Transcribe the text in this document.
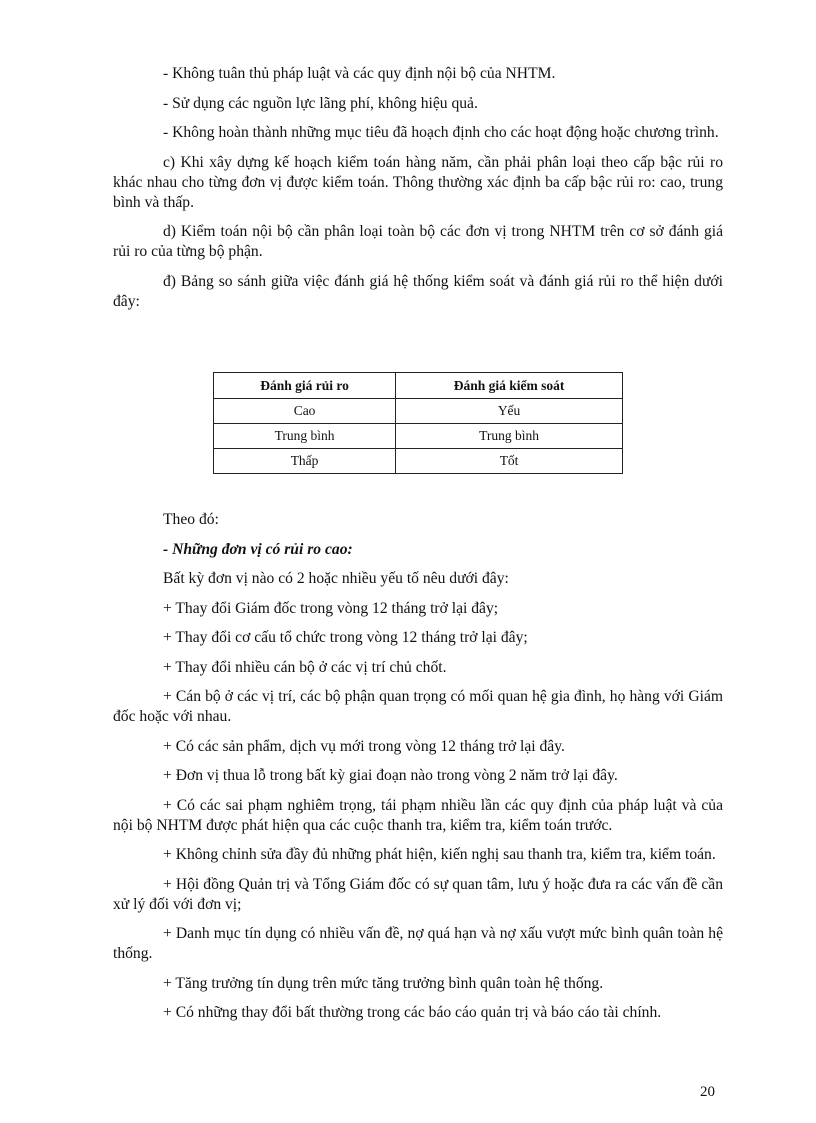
- Không tuân thủ pháp luật và các quy định nội bộ của NHTM.

- Sử dụng các nguồn lực lãng phí, không hiệu quả.

- Không hoàn thành những mục tiêu đã hoạch định cho các hoạt động hoặc chương trình.

c) Khi xây dựng kế hoạch kiểm toán hàng năm, cần phải phân loại theo cấp bậc rủi ro khác nhau cho từng đơn vị được kiểm toán. Thông thường xác định ba cấp bậc rủi ro: cao, trung bình và thấp.

d) Kiểm toán nội bộ cần phân loại toàn bộ các đơn vị trong NHTM trên cơ sở đánh giá rủi ro của từng bộ phận.

đ) Bảng so sánh giữa việc đánh giá hệ thống kiểm soát và đánh giá rủi ro thể hiện dưới đây:

Đánh giá rủi ro	Đánh giá kiểm soát
Cao	Yếu
Trung bình	Trung bình
Thấp	Tốt

Theo đó:

- Những đơn vị có rủi ro cao:

Bất kỳ đơn vị nào có 2 hoặc nhiều yếu tố nêu dưới đây:

+ Thay đổi Giám đốc trong vòng 12 tháng trở lại đây;

+ Thay đổi cơ cấu tổ chức trong vòng 12 tháng trở lại đây;

+ Thay đổi nhiều cán bộ ở các vị trí chủ chốt.

+ Cán bộ ở các vị trí, các bộ phận quan trọng có mối quan hệ gia đình, họ hàng với Giám đốc hoặc với nhau.

+ Có các sản phẩm, dịch vụ mới trong vòng 12 tháng trở lại đây.

+ Đơn vị thua lỗ trong bất kỳ giai đoạn nào trong vòng 2 năm trở lại đây.

+ Có các sai phạm nghiêm trọng, tái phạm nhiều lần các quy định của pháp luật và của nội bộ NHTM được phát hiện qua các cuộc thanh tra, kiểm tra, kiểm toán trước.

+ Không chỉnh sửa đầy đủ những phát hiện, kiến nghị sau thanh tra, kiểm tra, kiểm toán.

+ Hội đồng Quản trị và Tổng Giám đốc có sự quan tâm, lưu ý hoặc đưa ra các vấn đề cần xử lý đối với đơn vị;

+ Danh mục tín dụng có nhiều vấn đề, nợ quá hạn và nợ xấu vượt mức bình quân toàn hệ thống.

+ Tăng trưởng tín dụng trên mức tăng trưởng bình quân toàn hệ thống.

+ Có những thay đổi bất thường trong các báo cáo quản trị và báo cáo tài chính.

20
